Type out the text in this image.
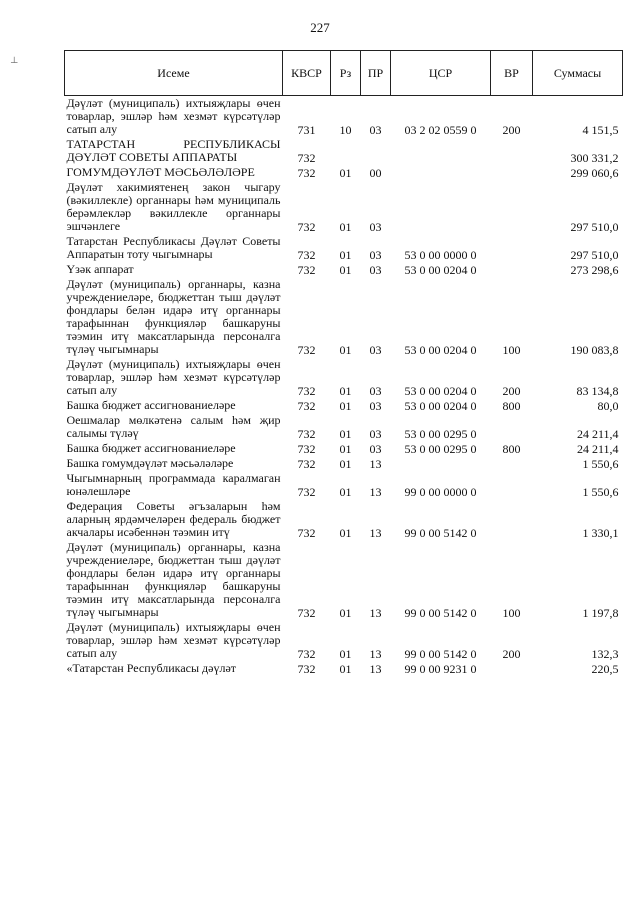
227
⊥
Исеме	КВСР	Рз	ПР	ЦСР	ВР	Суммасы
Дәүләт (муниципаль) ихтыяҗлары өчен товарлар, эшләр һәм хезмәт күрсәтүләр сатып алу	731	10	03	03 2 02 0559 0	200	4 151,5
ТАТАРСТАН РЕСПУБЛИКАСЫ ДӘҮЛӘТ СОВЕТЫ АППАРАТЫ	732					300 331,2
ГОМУМДӘҮЛӘТ МӘСЬӘЛӘЛӘРЕ	732	01	00			299 060,6
Дәүләт хакимиятенең закон чыгару (вәкиллекле) органнары һәм муниципаль берәмлекләр вәкиллекле органнары эшчәнлеге	732	01	03			297 510,0
Татарстан Республикасы Дәүләт Советы Аппаратын тоту чыгымнары	732	01	03	53 0 00 0000 0		297 510,0
Үзәк аппарат	732	01	03	53 0 00 0204 0		273 298,6
Дәүләт (муниципаль) органнары, казна учреждениеләре, бюджеттан тыш дәүләт фондлары белән идарә итү органнары тарафыннан функцияләр башкаруны тәэмин итү максатларында персоналга түләү чыгымнары	732	01	03	53 0 00 0204 0	100	190 083,8
Дәүләт (муниципаль) ихтыяҗлары өчен товарлар, эшләр һәм хезмәт күрсәтүләр сатып алу	732	01	03	53 0 00 0204 0	200	83 134,8
Башка бюджет ассигнованиеләре	732	01	03	53 0 00 0204 0	800	80,0
Оешмалар мөлкәтенә салым һәм җир салымы түләү	732	01	03	53 0 00 0295 0		24 211,4
Башка бюджет ассигнованиеләре	732	01	03	53 0 00 0295 0	800	24 211,4
Башка гомумдәүләт мәсьәләләре	732	01	13			1 550,6
Чыгымнарның программада каралмаган юнәлешләре	732	01	13	99 0 00 0000 0		1 550,6
Федерация Советы әгъзаларын һәм аларның ярдәмчеләрен федераль бюджет акчалары исәбеннән тәэмин итү	732	01	13	99 0 00 5142 0		1 330,1
Дәүләт (муниципаль) органнары, казна учреждениеләре, бюджеттан тыш дәүләт фондлары белән идарә итү органнары тарафыннан функцияләр башкаруны тәэмин итү максатларында персоналга түләү чыгымнары	732	01	13	99 0 00 5142 0	100	1 197,8
Дәүләт (муниципаль) ихтыяҗлары өчен товарлар, эшләр һәм хезмәт күрсәтүләр сатып алу	732	01	13	99 0 00 5142 0	200	132,3
«Татарстан Республикасы дәүләт	732	01	13	99 0 00 9231 0		220,5
